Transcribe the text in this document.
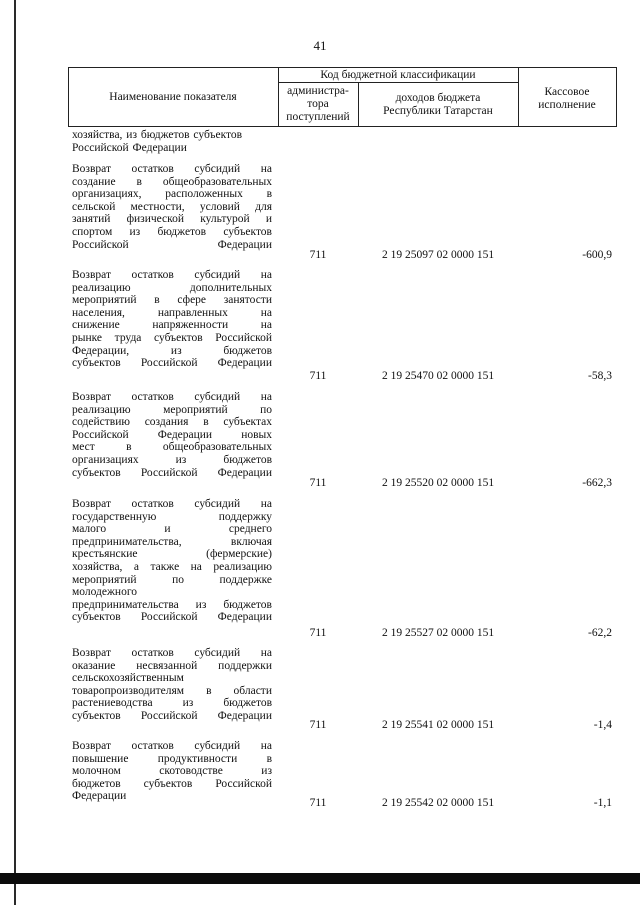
41
Наименование показателя
Код бюджетной классификации
администра-
тора
поступлений
доходов бюджета
Республики Татарстан
Кассовое
исполнение
хозяйства, из бюджетов субъектов
Российской Федерации
Возврат остатков субсидий на
создание в общеобразовательных
организациях, расположенных в
сельской местности, условий для
занятий физической культурой и
спортом из бюджетов субъектов
Российской Федерации
711	2 19 25097 02 0000 151	-600,9
Возврат остатков субсидий на
реализацию дополнительных
мероприятий в сфере занятости
населения, направленных на
снижение напряженности на
рынке труда субъектов Российской
Федерации, из бюджетов
субъектов Российской Федерации
711	2 19 25470 02 0000 151	-58,3
Возврат остатков субсидий на
реализацию мероприятий по
содействию создания в субъектах
Российской Федерации новых
мест в общеобразовательных
организациях из бюджетов
субъектов Российской Федерации
711	2 19 25520 02 0000 151	-662,3
Возврат остатков субсидий на
государственную поддержку
малого и среднего
предпринимательства, включая
крестьянские (фермерские)
хозяйства, а также на реализацию
мероприятий по поддержке
молодежного
предпринимательства из бюджетов
субъектов Российской Федерации
711	2 19 25527 02 0000 151	-62,2
Возврат остатков субсидий на
оказание несвязанной поддержки
сельскохозяйственным
товаропроизводителям в области
растениеводства из бюджетов
субъектов Российской Федерации
711	2 19 25541 02 0000 151	-1,4
Возврат остатков субсидий на
повышение продуктивности в
молочном скотоводстве из
бюджетов субъектов Российской
Федерации
711	2 19 25542 02 0000 151	-1,1
